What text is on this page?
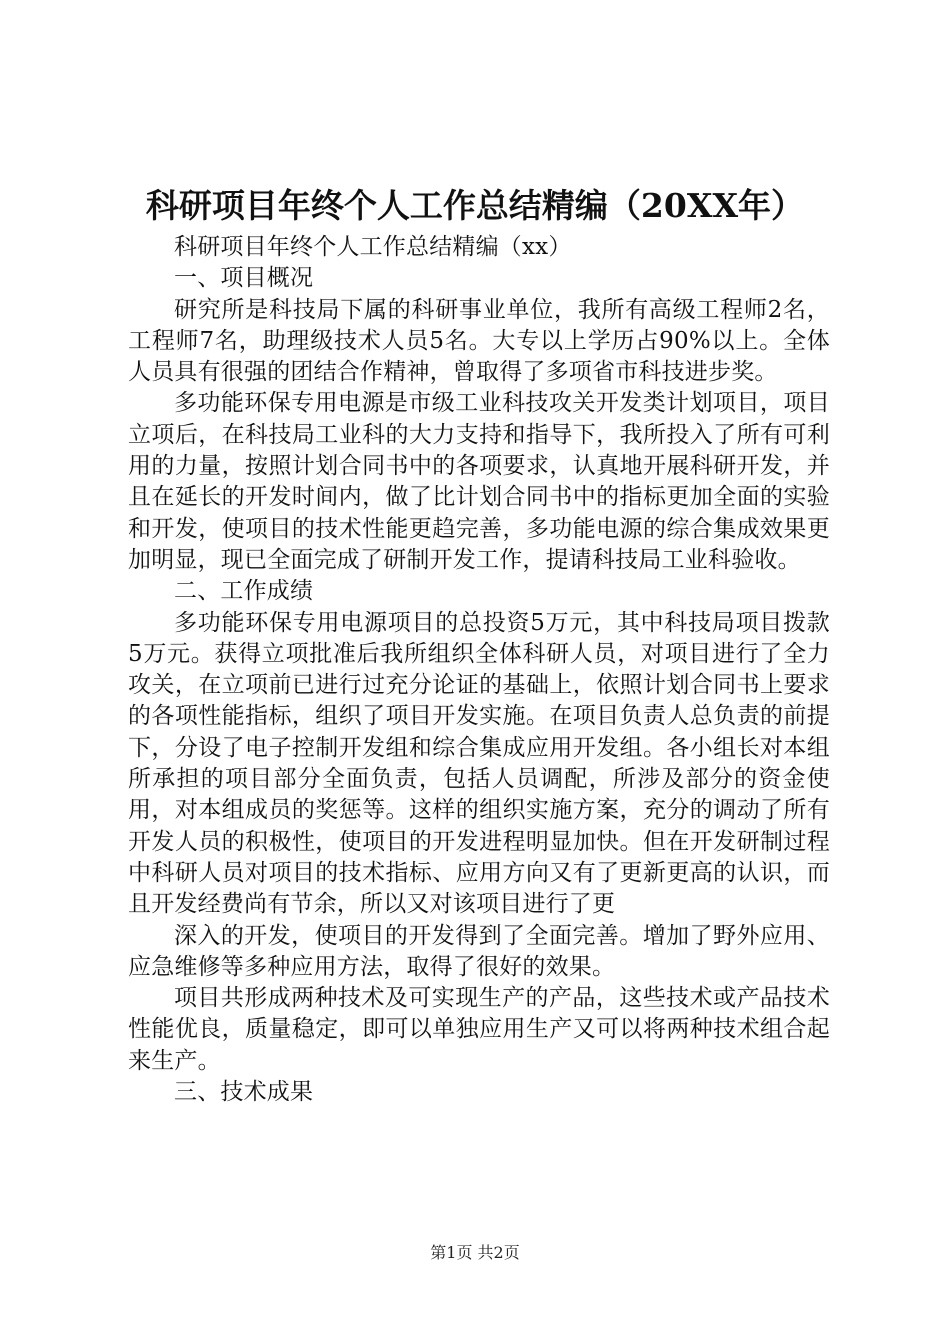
科研项目年终个人工作总结精编（20XX年）

科研项目年终个人工作总结精编（xx）

一、项目概况

研究所是科技局下属的科研事业单位，我所有高级工程师2名，工程师7名，助理级技术人员5名。大专以上学历占90%以上。全体人员具有很强的团结合作精神，曾取得了多项省市科技进步奖。

多功能环保专用电源是市级工业科技攻关开发类计划项目，项目立项后，在科技局工业科的大力支持和指导下，我所投入了所有可利用的力量，按照计划合同书中的各项要求，认真地开展科研开发，并且在延长的开发时间内，做了比计划合同书中的指标更加全面的实验和开发，使项目的技术性能更趋完善，多功能电源的综合集成效果更加明显，现已全面完成了研制开发工作，提请科技局工业科验收。

二、工作成绩

多功能环保专用电源项目的总投资5万元，其中科技局项目拨款5万元。获得立项批准后我所组织全体科研人员，对项目进行了全力攻关，在立项前已进行过充分论证的基础上，依照计划合同书上要求的各项性能指标，组织了项目开发实施。在项目负责人总负责的前提下，分设了电子控制开发组和综合集成应用开发组。各小组长对本组所承担的项目部分全面负责，包括人员调配，所涉及部分的资金使用，对本组成员的奖惩等。这样的组织实施方案，充分的调动了所有开发人员的积极性，使项目的开发进程明显加快。但在开发研制过程中科研人员对项目的技术指标、应用方向又有了更新更高的认识，而且开发经费尚有节余，所以又对该项目进行了更

深入的开发，使项目的开发得到了全面完善。增加了野外应用、应急维修等多种应用方法，取得了很好的效果。

项目共形成两种技术及可实现生产的产品，这些技术或产品技术性能优良，质量稳定，即可以单独应用生产又可以将两种技术组合起来生产。

三、技术成果

第1页 共2页
